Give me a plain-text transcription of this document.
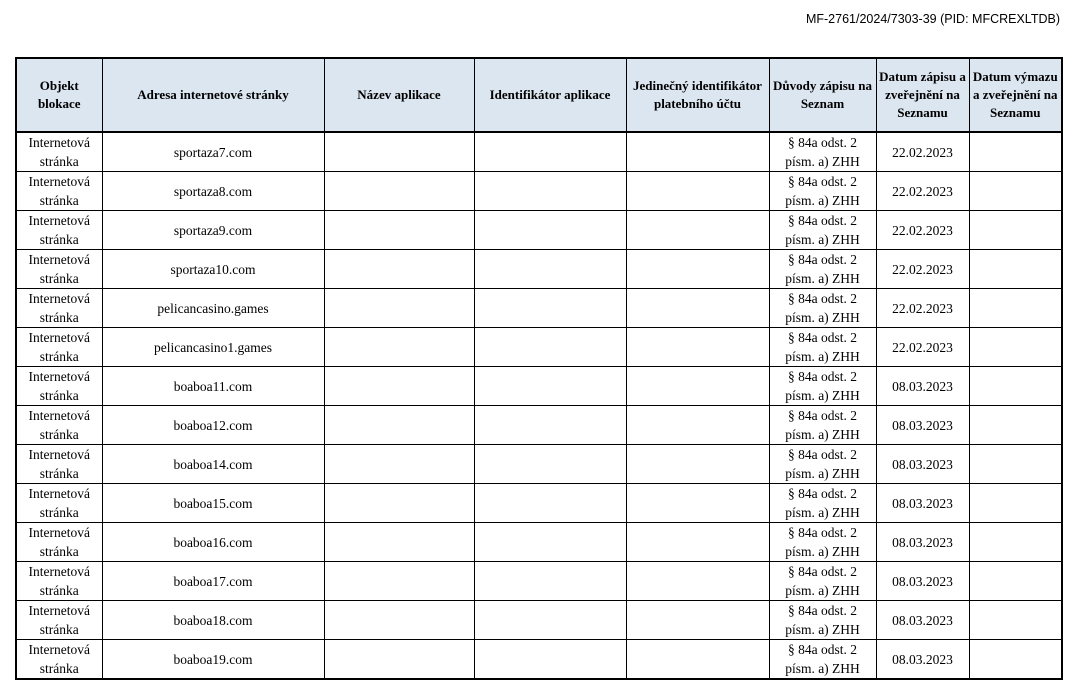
MF-2761/2024/7303-39 (PID: MFCREXLTDB)
Objekt blokace	Adresa internetové stránky	Název aplikace	Identifikátor aplikace	Jedinečný identifikátor platebního účtu	Důvody zápisu na Seznam	Datum zápisu a zveřejnění na Seznamu	Datum výmazu a zveřejnění na Seznamu

Internetová
stránka	sportaza7.com				§ 84a odst. 2
písm. a) ZHH	22.02.2023	

Internetová
stránka	sportaza8.com				§ 84a odst. 2
písm. a) ZHH	22.02.2023	

Internetová
stránka	sportaza9.com				§ 84a odst. 2
písm. a) ZHH	22.02.2023	

Internetová
stránka	sportaza10.com				§ 84a odst. 2
písm. a) ZHH	22.02.2023	

Internetová
stránka	pelicancasino.games				§ 84a odst. 2
písm. a) ZHH	22.02.2023	

Internetová
stránka	pelicancasino1.games				§ 84a odst. 2
písm. a) ZHH	22.02.2023	

Internetová
stránka	boaboa11.com				§ 84a odst. 2
písm. a) ZHH	08.03.2023	

Internetová
stránka	boaboa12.com				§ 84a odst. 2
písm. a) ZHH	08.03.2023	

Internetová
stránka	boaboa14.com				§ 84a odst. 2
písm. a) ZHH	08.03.2023	

Internetová
stránka	boaboa15.com				§ 84a odst. 2
písm. a) ZHH	08.03.2023	

Internetová
stránka	boaboa16.com				§ 84a odst. 2
písm. a) ZHH	08.03.2023	

Internetová
stránka	boaboa17.com				§ 84a odst. 2
písm. a) ZHH	08.03.2023	

Internetová
stránka	boaboa18.com				§ 84a odst. 2
písm. a) ZHH	08.03.2023	

Internetová
stránka	boaboa19.com				§ 84a odst. 2
písm. a) ZHH	08.03.2023	
